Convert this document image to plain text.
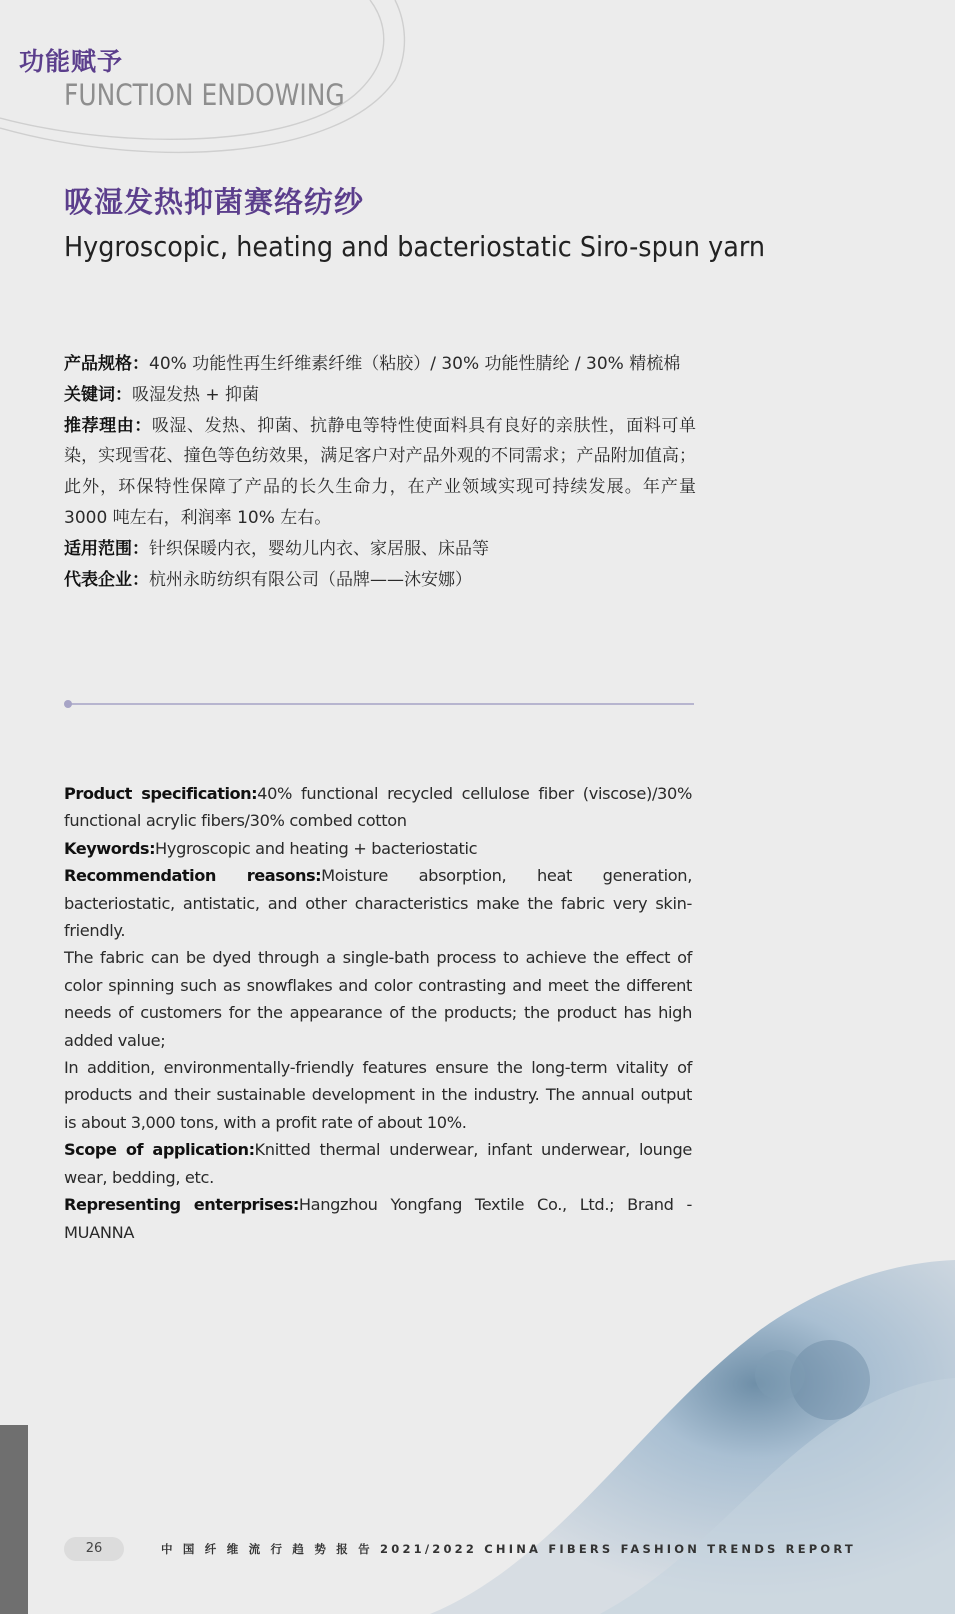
功能赋予
FUNCTION ENDOWING
吸湿发热抑菌赛络纺纱
Hygroscopic, heating and bacteriostatic Siro-spun yarn

产品规格：40% 功能性再生纤维素纤维（粘胶）/ 30% 功能性腈纶 / 30% 精梳棉

关键词：吸湿发热 + 抑菌

推荐理由：吸湿、发热、抑菌、抗静电等特性使面料具有良好的亲肤性，面料可单染，实现雪花、撞色等色纺效果，满足客户对产品外观的不同需求；产品附加值高；此外，环保特性保障了产品的长久生命力，在产业领域实现可持续发展。年产量 3000 吨左右，利润率 10% 左右。

适用范围：针织保暖内衣，婴幼儿内衣、家居服、床品等

代表企业：杭州永昉纺织有限公司（品牌——沐安娜）

Product specification:40% functional recycled cellulose fiber (viscose)/30% functional acrylic fibers/30% combed cotton

Keywords:Hygroscopic and heating + bacteriostatic

Recommendation reasons:Moisture absorption, heat generation, bacteriostatic, antistatic, and other characteristics make the fabric very skin-friendly.

The fabric can be dyed through a single-bath process to achieve the effect of color spinning such as snowflakes and color contrasting and meet the different needs of customers for the appearance of the products; the product has high added value;

In addition, environmentally-friendly features ensure the long-term vitality of products and their sustainable development in the industry. The annual output is about 3,000 tons, with a profit rate of about 10%.

Scope of application:Knitted thermal underwear, infant underwear, lounge wear, bedding, etc.

Representing enterprises:Hangzhou Yongfang Textile Co., Ltd.; Brand - MUANNA

26	中 国 纤 维 流 行 趋 势 报 告 2021/2022 CHINA FIBERS FASHION TRENDS REPORT
